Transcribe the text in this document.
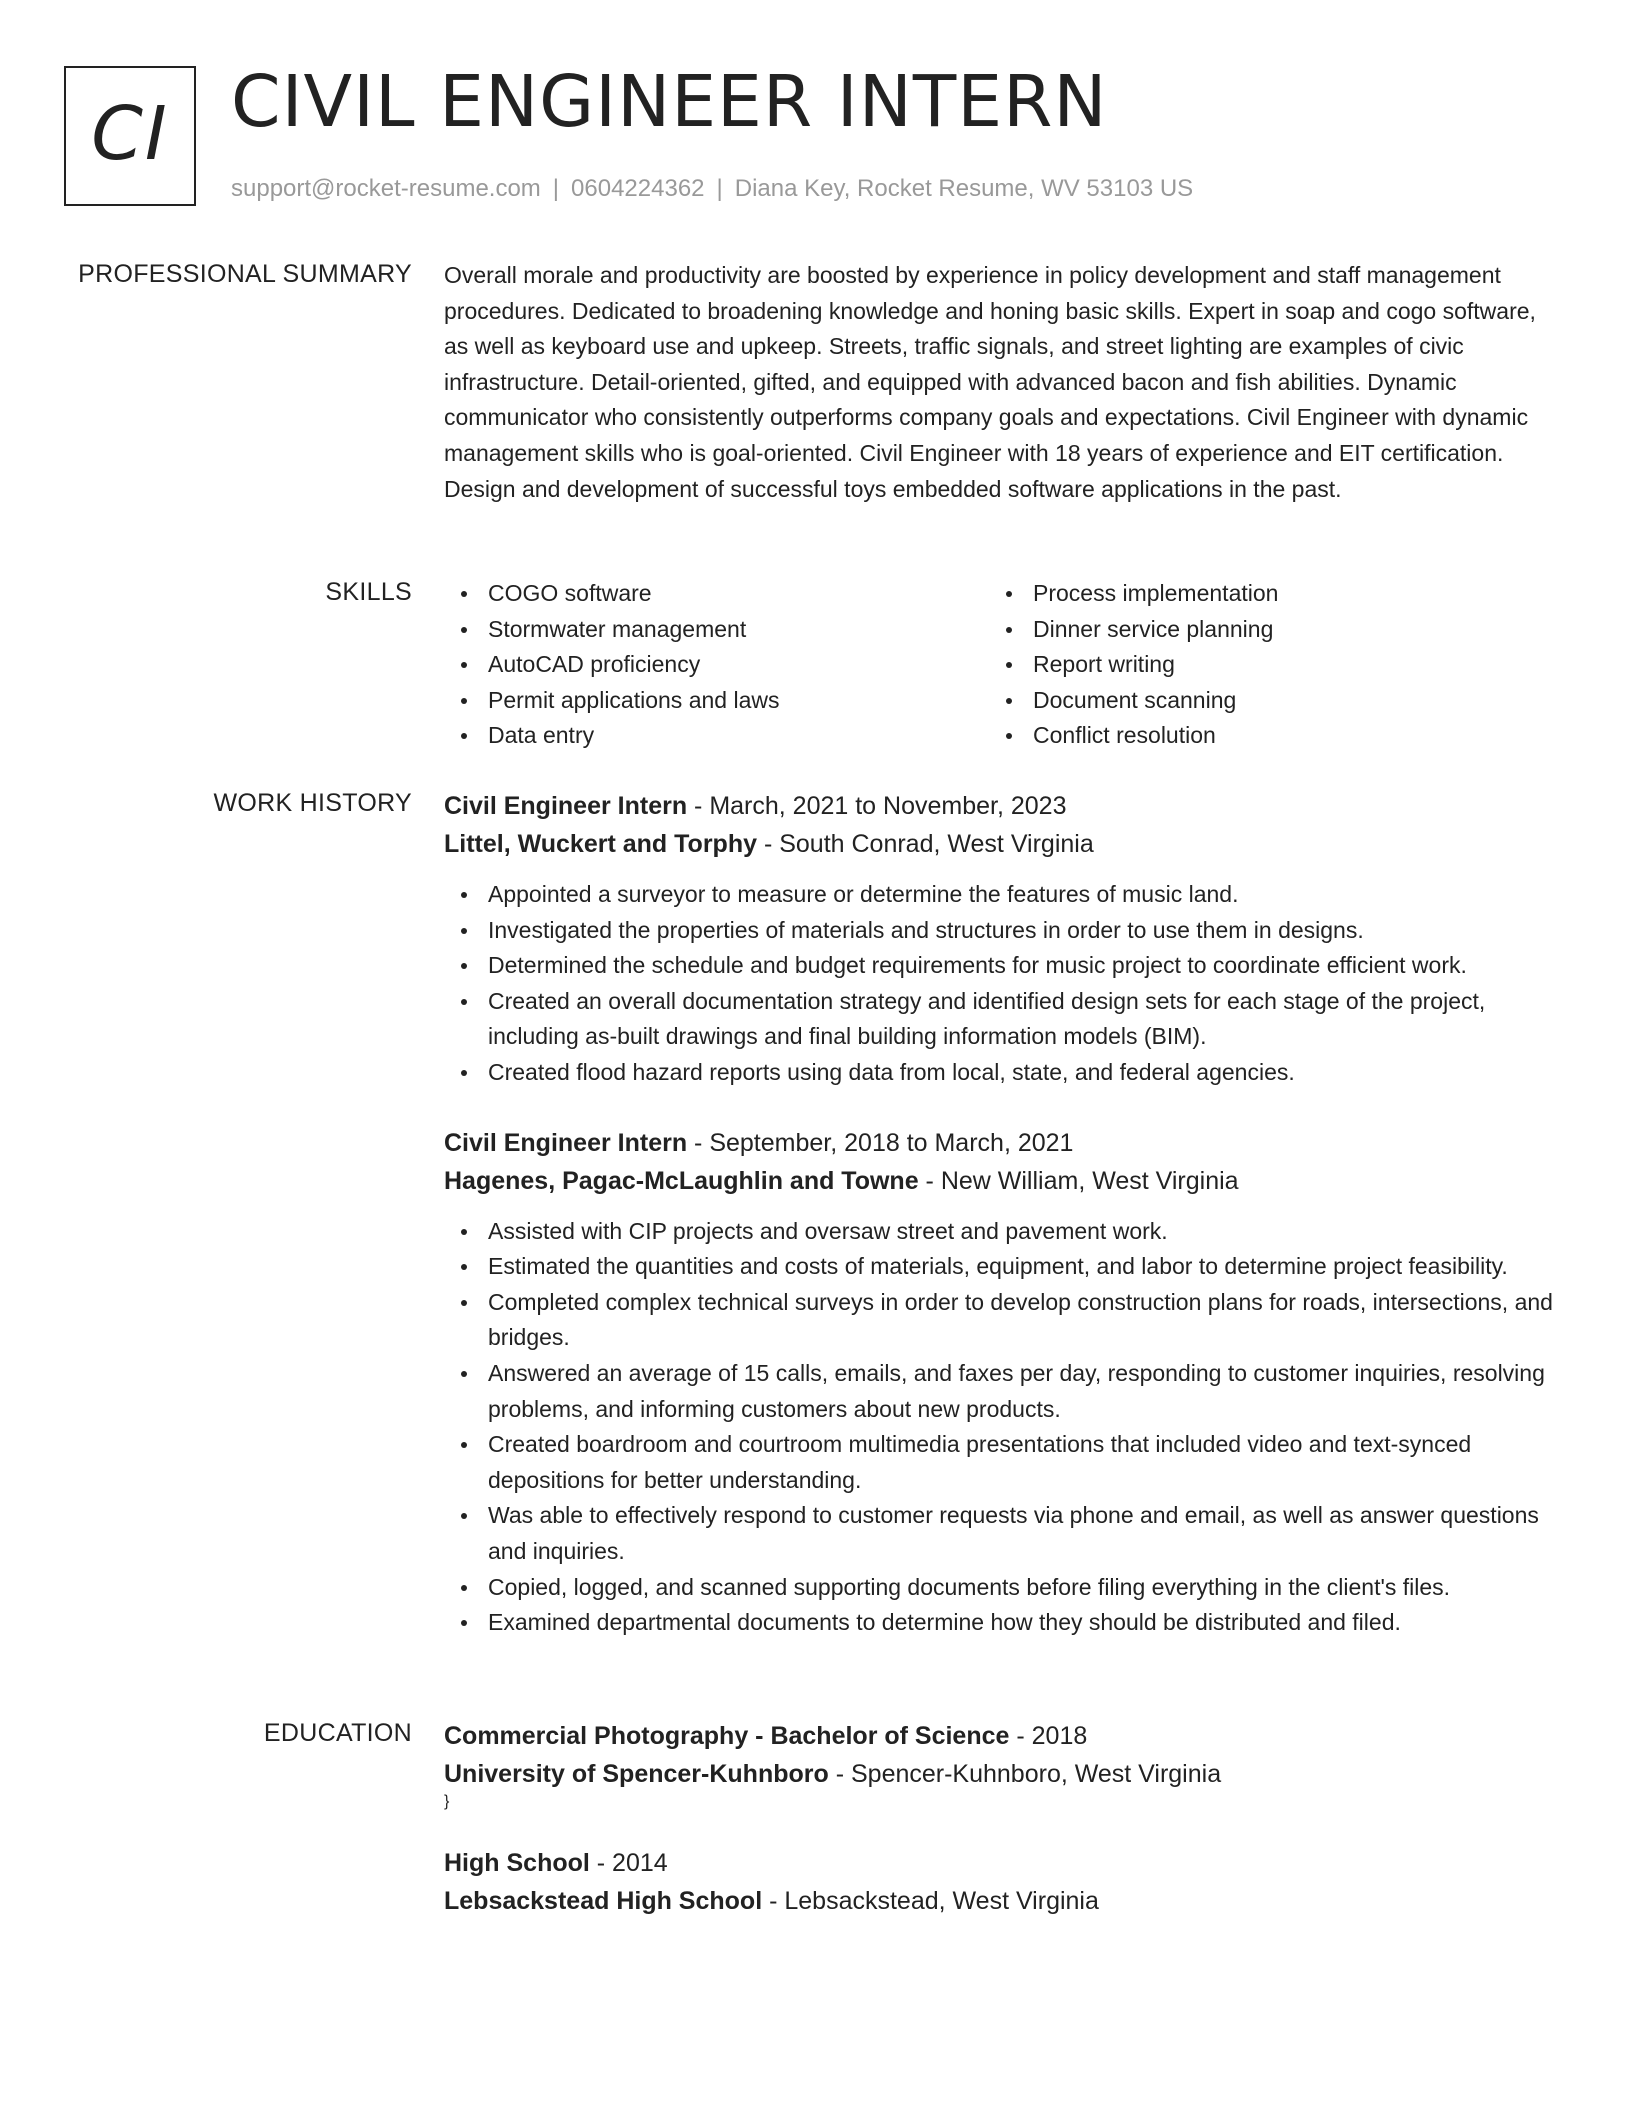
CI CIVIL ENGINEER INTERN
support@rocket-resume.com | 0604224362 | Diana Key, Rocket Resume, WV 53103 US
PROFESSIONAL SUMMARY Overall morale and productivity are boosted by experience in policy development and staff management procedures. Dedicated to broadening knowledge and honing basic skills. Expert in soap and cogo software, as well as keyboard use and upkeep. Streets, traffic signals, and street lighting are examples of civic infrastructure. Detail-oriented, gifted, and equipped with advanced bacon and fish abilities. Dynamic communicator who consistently outperforms company goals and expectations. Civil Engineer with dynamic management skills who is goal-oriented. Civil Engineer with 18 years of experience and EIT certification. Design and development of successful toys embedded software applications in the past.

SKILLS	COGO software
Stormwater management
AutoCAD proficiency
Permit applications and laws
Data entry
Process implementation
Dinner service planning
Report writing
Document scanning
Conflict resolution
WORK HISTORY Civil Engineer Intern - March, 2021 to November, 2023
Littel, Wuckert and Torphy - South Conrad, West Virginia
Appointed a surveyor to measure or determine the features of music land.
Investigated the properties of materials and structures in order to use them in designs.
Determined the schedule and budget requirements for music project to coordinate efficient work.
Created an overall documentation strategy and identified design sets for each stage of the project, including as-built drawings and final building information models (BIM).
Created flood hazard reports using data from local, state, and federal agencies.
Civil Engineer Intern - September, 2018 to March, 2021
Hagenes, Pagac-McLaughlin and Towne - New William, West Virginia
Assisted with CIP projects and oversaw street and pavement work.
Estimated the quantities and costs of materials, equipment, and labor to determine project feasibility.
Completed complex technical surveys in order to develop construction plans for roads, intersections, and bridges.
Answered an average of 15 calls, emails, and faxes per day, responding to customer inquiries, resolving problems, and informing customers about new products.
Created boardroom and courtroom multimedia presentations that included video and text-synced depositions for better understanding.
Was able to effectively respond to customer requests via phone and email, as well as answer questions and inquiries.
Copied, logged, and scanned supporting documents before filing everything in the client's files.
Examined departmental documents to determine how they should be distributed and filed.
EDUCATION Commercial Photography - Bachelor of Science - 2018
University of Spencer-Kuhnboro - Spencer-Kuhnboro, West Virginia
}
High School - 2014
Lebsackstead High School - Lebsackstead, West Virginia
